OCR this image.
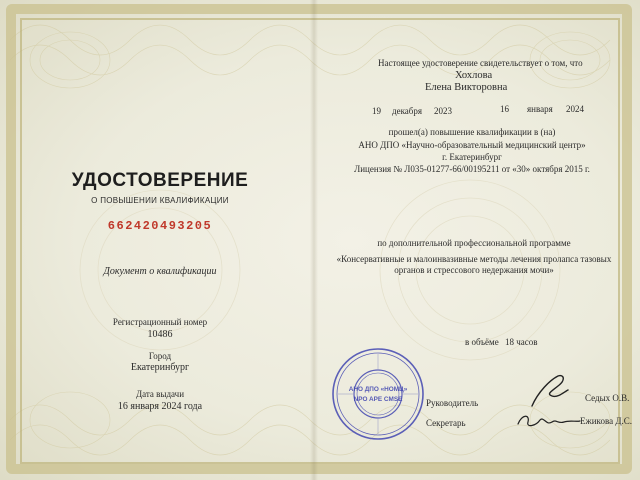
УДОСТОВЕРЕНИЕ
О ПОВЫШЕНИИ КВАЛИФИКАЦИИ
662420493205
Документ о квалификации
Регистрационный номер
10486
Город
Екатеринбург
Дата выдачи
16 января 2024 года
Настоящее удостоверение свидетельствует о том, что
Хохлова
Елена Викторовна
19 декабря 2023	16 января 2024
прошел(а) повышение квалификации в (на)
АНО ДПО «Научно-образовательный медицинский центр»
г. Екатеринбург
Лицензия № Л035-01277-66/00195211 от «30» октября 2015 г.
по дополнительной профессиональной программе
«Консервативные и малоинвазивные методы лечения пролапса тазовых
органов и стрессового недержания мочи»
в объёме 18 часов
Руководитель	Седых О.В.
Секретарь	Ежикова Д.С.
АНО ДПО «НОМЦ»
NPO APE CMSE
